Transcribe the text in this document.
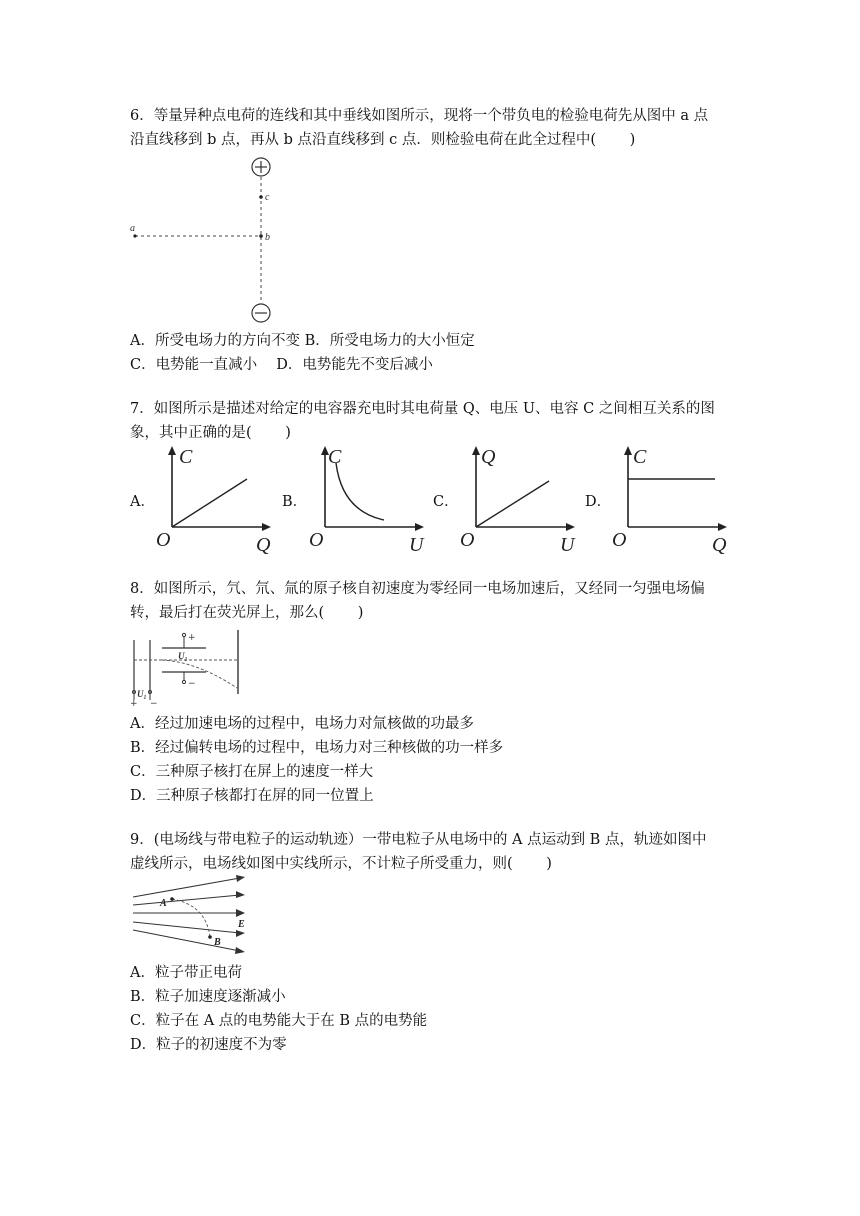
6．等量异种点电荷的连线和其中垂线如图所示，现将一个带负电的检验电荷先从图中 a 点
沿直线移到 b 点，再从 b 点沿直线移到 c 点．则检验电荷在此全过程中(　　 )
a
b
c
A．所受电场力的方向不变 B．所受电场力的大小恒定
C．电势能一直减小　 D．电势能先不变后减小
7．如图所示是描述对给定的电容器充电时其电荷量 Q、电压 U、电容 C 之间相互关系的图
象，其中正确的是(　　 )
A．
C
O	Q
B．
C
O	U
C．
Q
O	U
D．
C
O	Q
8．如图所示，氕、氘、氚的原子核自初速度为零经同一电场加速后，又经同一匀强电场偏
转，最后打在荧光屏上，那么(　　 )
+
−
U₁
U₁
+ −
A．经过加速电场的过程中，电场力对氚核做的功最多
B．经过偏转电场的过程中，电场力对三种核做的功一样多
C．三种原子核打在屏上的速度一样大
D．三种原子核都打在屏的同一位置上
9．(电场线与带电粒子的运动轨迹）一带电粒子从电场中的 A 点运动到 B 点，轨迹如图中
虚线所示，电场线如图中实线所示，不计粒子所受重力，则(　　 )
A
B
E
A．粒子带正电荷
B．粒子加速度逐渐减小
C．粒子在 A 点的电势能大于在 B 点的电势能
D．粒子的初速度不为零
